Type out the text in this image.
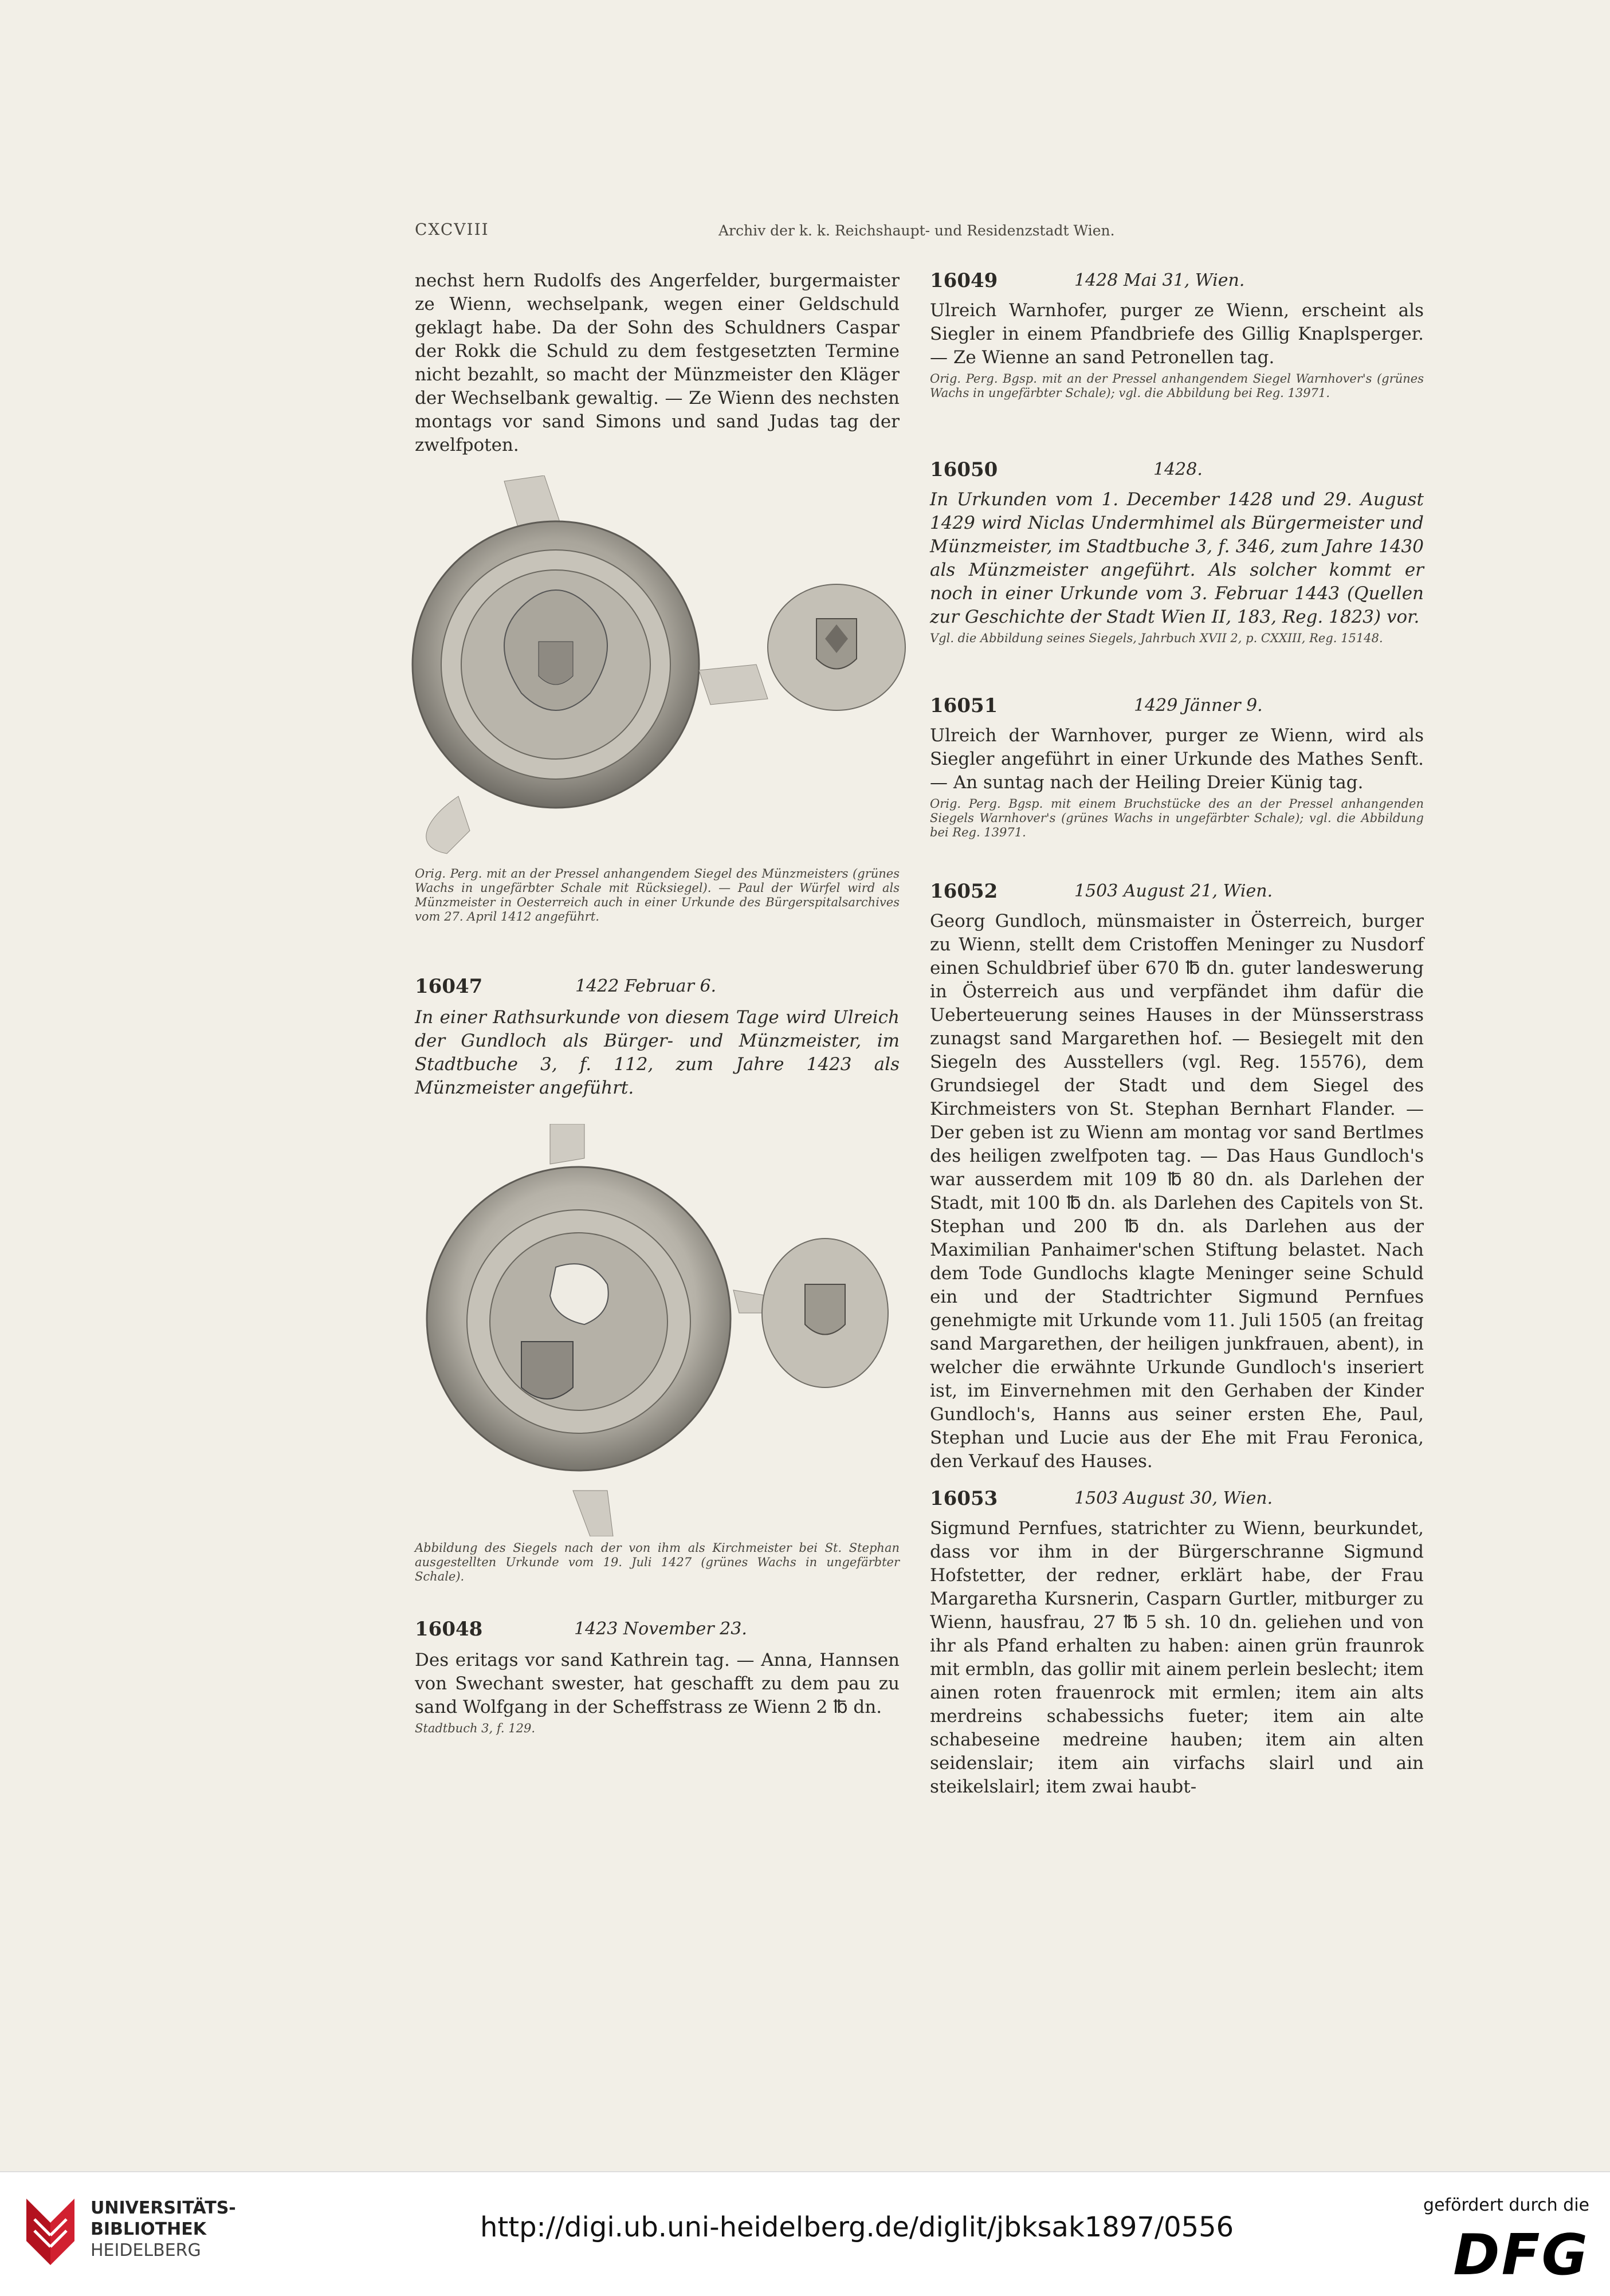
CXCVIII	Archiv der k. k. Reichshaupt- und Residenzstadt Wien.

nechst hern Rudolfs des Angerfelder, burgermaister ze Wienn, wechselpank, wegen einer Geldschuld geklagt habe. Da der Sohn des Schuldners Caspar der Rokk die Schuld zu dem festgesetzten Termine nicht bezahlt, so macht der Münzmeister den Kläger der Wechselbank gewaltig. — Ze Wienn des nechsten montags vor sand Simons und sand Judas tag der zwelfpoten.

Orig. Perg. mit an der Pressel anhangendem Siegel des Münzmeisters (grünes Wachs in ungefärbter Schale mit Rücksiegel). — Paul der Würfel wird als Münzmeister in Oesterreich auch in einer Urkunde des Bürgerspitalsarchives vom 27. April 1412 angeführt.
16047	1422 Februar 6.

In einer Rathsurkunde von diesem Tage wird Ulreich der Gundloch als Bürger- und Münzmeister, im Stadtbuche 3, f. 112, zum Jahre 1423 als Münzmeister angeführt.

Abbildung des Siegels nach der von ihm als Kirchmeister bei St. Stephan ausgestellten Urkunde vom 19. Juli 1427 (grünes Wachs in ungefärbter Schale).
16048	1423 November 23.

Des eritags vor sand Kathrein tag. — Anna, Hannsen von Swechant swester, hat geschafft zu dem pau zu sand Wolfgang in der Scheffstrass ze Wienn 2 ℔ dn.

Stadtbuch 3, f. 129.
16049	1428 Mai 31, Wien.

Ulreich Warnhofer, purger ze Wienn, erscheint als Siegler in einem Pfandbriefe des Gillig Knaplsperger. — Ze Wienne an sand Petronellen tag.

Orig. Perg. Bgsp. mit an der Pressel anhangendem Siegel Warnhover's (grünes Wachs in ungefärbter Schale); vgl. die Abbildung bei Reg. 13971.
16050	1428.

In Urkunden vom 1. December 1428 und 29. August 1429 wird Niclas Undermhimel als Bürgermeister und Münzmeister, im Stadtbuche 3, f. 346, zum Jahre 1430 als Münzmeister angeführt. Als solcher kommt er noch in einer Urkunde vom 3. Februar 1443 (Quellen zur Geschichte der Stadt Wien II, 183, Reg. 1823) vor.

Vgl. die Abbildung seines Siegels, Jahrbuch XVII 2, p. CXXIII, Reg. 15148.
16051	1429 Jänner 9.

Ulreich der Warnhover, purger ze Wienn, wird als Siegler angeführt in einer Urkunde des Mathes Senft. — An suntag nach der Heiling Dreier Künig tag.

Orig. Perg. Bgsp. mit einem Bruchstücke des an der Pressel anhangenden Siegels Warnhover's (grünes Wachs in ungefärbter Schale); vgl. die Abbildung bei Reg. 13971.
16052	1503 August 21, Wien.

Georg Gundloch, münsmaister in Österreich, burger zu Wienn, stellt dem Cristoffen Meninger zu Nusdorf einen Schuldbrief über 670 ℔ dn. guter landeswerung in Österreich aus und verpfändet ihm dafür die Ueberteuerung seines Hauses in der Münsserstrass zunagst sand Margarethen hof. — Besiegelt mit den Siegeln des Ausstellers (vgl. Reg. 15576), dem Grundsiegel der Stadt und dem Siegel des Kirchmeisters von St. Stephan Bernhart Flander. — Der geben ist zu Wienn am montag vor sand Bertlmes des heiligen zwelfpoten tag. — Das Haus Gundloch's war ausserdem mit 109 ℔ 80 dn. als Darlehen der Stadt, mit 100 ℔ dn. als Darlehen des Capitels von St. Stephan und 200 ℔ dn. als Darlehen aus der Maximilian Panhaimer'schen Stiftung belastet. Nach dem Tode Gundlochs klagte Meninger seine Schuld ein und der Stadtrichter Sigmund Pernfues genehmigte mit Urkunde vom 11. Juli 1505 (an freitag sand Margarethen, der heiligen junkfrauen, abent), in welcher die erwähnte Urkunde Gundloch's inseriert ist, im Einvernehmen mit den Gerhaben der Kinder Gundloch's, Hanns aus seiner ersten Ehe, Paul, Stephan und Lucie aus der Ehe mit Frau Feronica, den Verkauf des Hauses.

16053	1503 August 30, Wien.

Sigmund Pernfues, statrichter zu Wienn, beurkundet, dass vor ihm in der Bürgerschranne Sigmund Hofstetter, der redner, erklärt habe, der Frau Margaretha Kursnerin, Casparn Gurtler, mitburger zu Wienn, hausfrau, 27 ℔ 5 sh. 10 dn. geliehen und von ihr als Pfand erhalten zu haben: ainen grün fraunrok mit ermbln, das gollir mit ainem perlein beslecht; item ainen roten frauenrock mit ermlen; item ain alts merdreins schabessichs fueter; item ain alte schabeseine medreine hauben; item ain alten seidenslair; item ain virfachs slairl und ain steikelslairl; item zwai haubt-

UNIVERSITÄTS-
BIBLIOTHEK
HEIDELBERG
http://digi.ub.uni-heidelberg.de/diglit/jbksak1897/0556
gefördert durch die
DFG
